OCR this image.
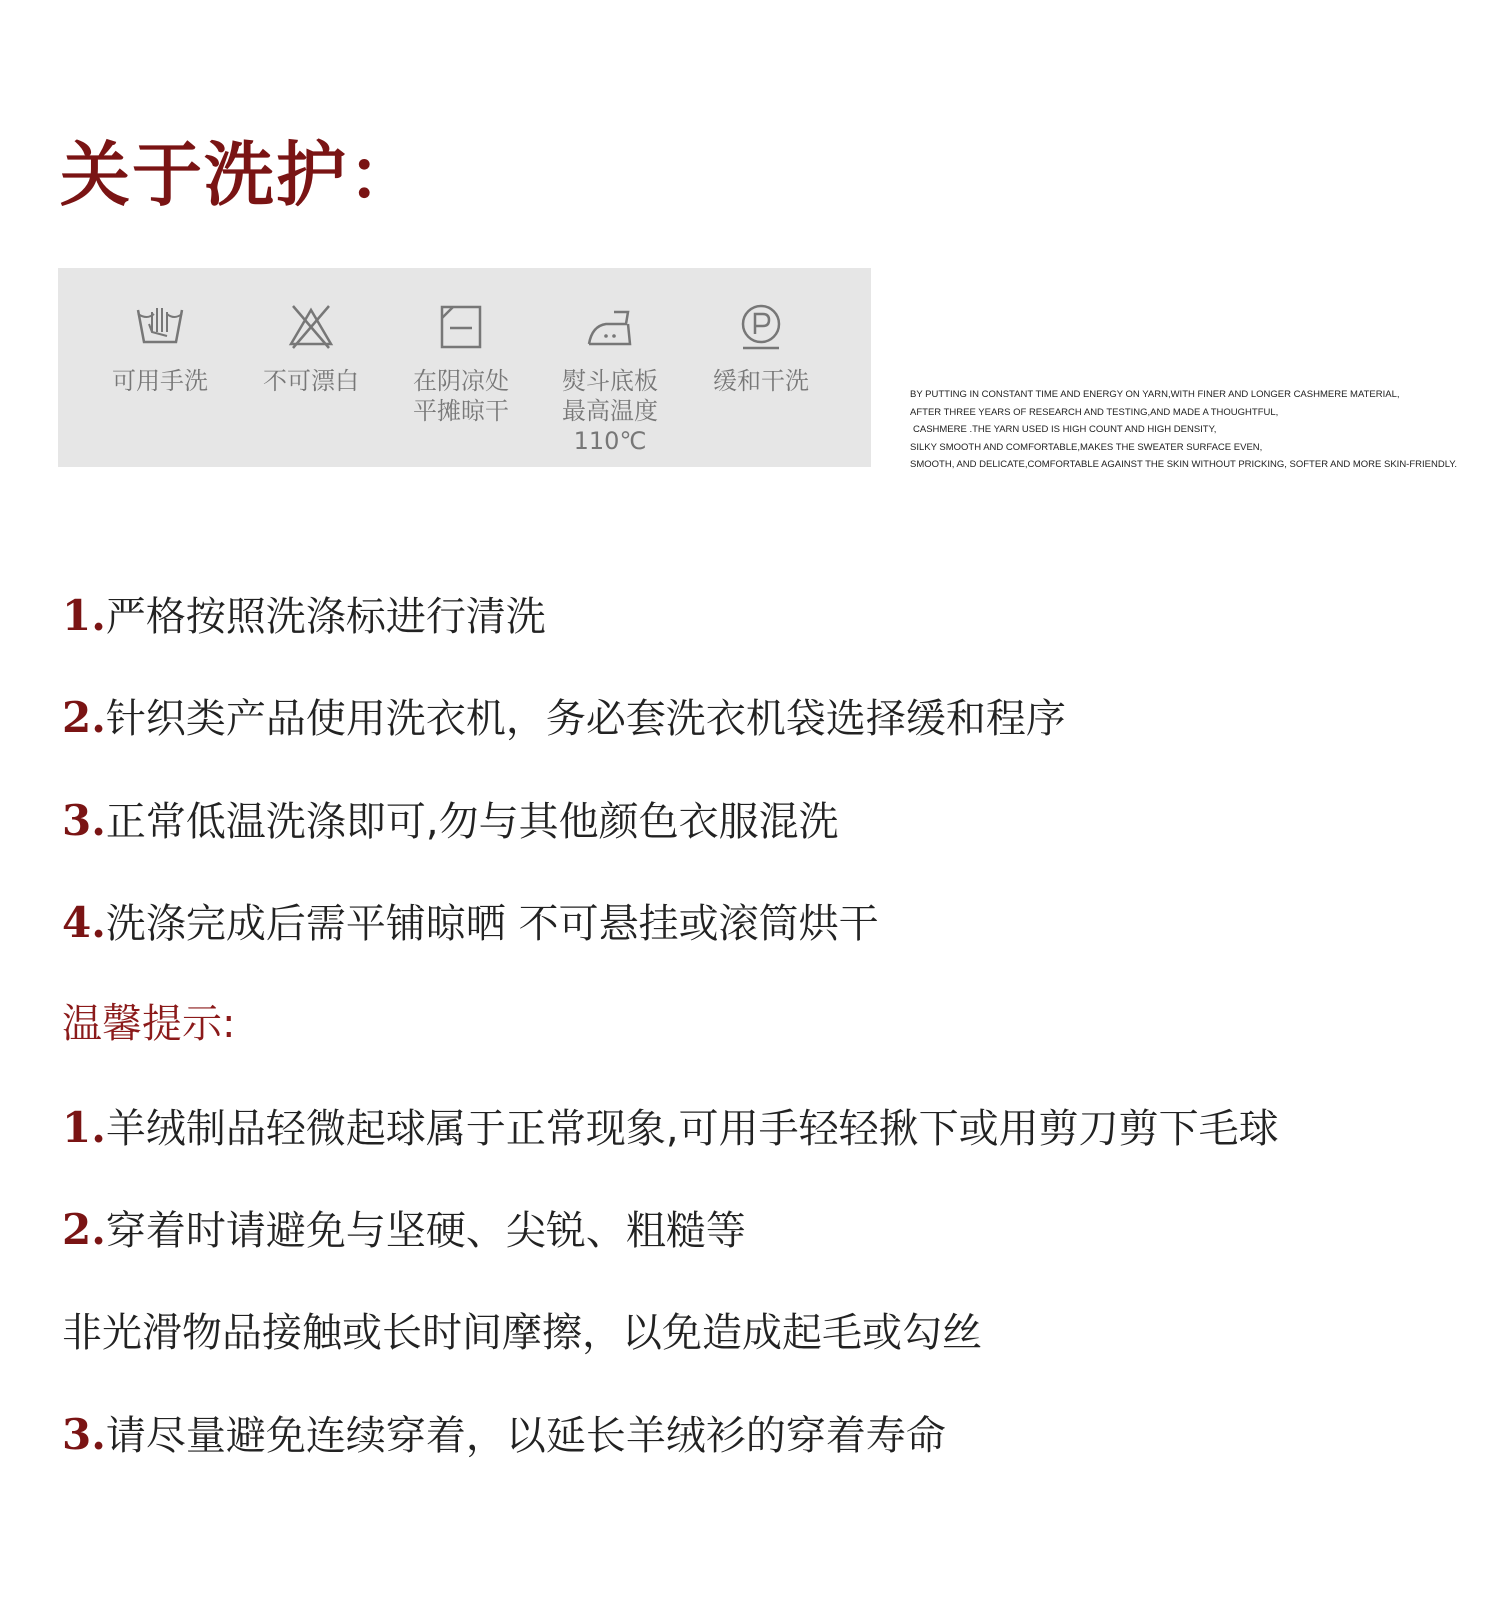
关于洗护：
可用手洗	不可漂白	在阴凉处
平摊晾干
熨斗底板
最高温度
110℃
缓和干洗	BY PUTTING IN CONSTANT TIME AND ENERGY ON YARN,WITH FINER AND LONGER CASHMERE MATERIAL,
AFTER THREE YEARS OF RESEARCH AND TESTING,AND MADE A THOUGHTFUL,
CASHMERE .THE YARN USED IS HIGH COUNT AND HIGH DENSITY,
SILKY SMOOTH AND COMFORTABLE,MAKES THE SWEATER SURFACE EVEN,
SMOOTH, AND DELICATE,COMFORTABLE AGAINST THE SKIN WITHOUT PRICKING, SOFTER AND MORE SKIN-FRIENDLY.
1.严格按照洗涤标进行清洗
2.针织类产品使用洗衣机，务必套洗衣机袋选择缓和程序
3.正常低温洗涤即可,勿与其他颜色衣服混洗
4.洗涤完成后需平铺晾晒 不可悬挂或滚筒烘干
温馨提示:
1.羊绒制品轻微起球属于正常现象,可用手轻轻揪下或用剪刀剪下毛球
2.穿着时请避免与坚硬、尖锐、粗糙等
非光滑物品接触或长时间摩擦，以免造成起毛或勾丝
3.请尽量避免连续穿着，以延长羊绒衫的穿着寿命
